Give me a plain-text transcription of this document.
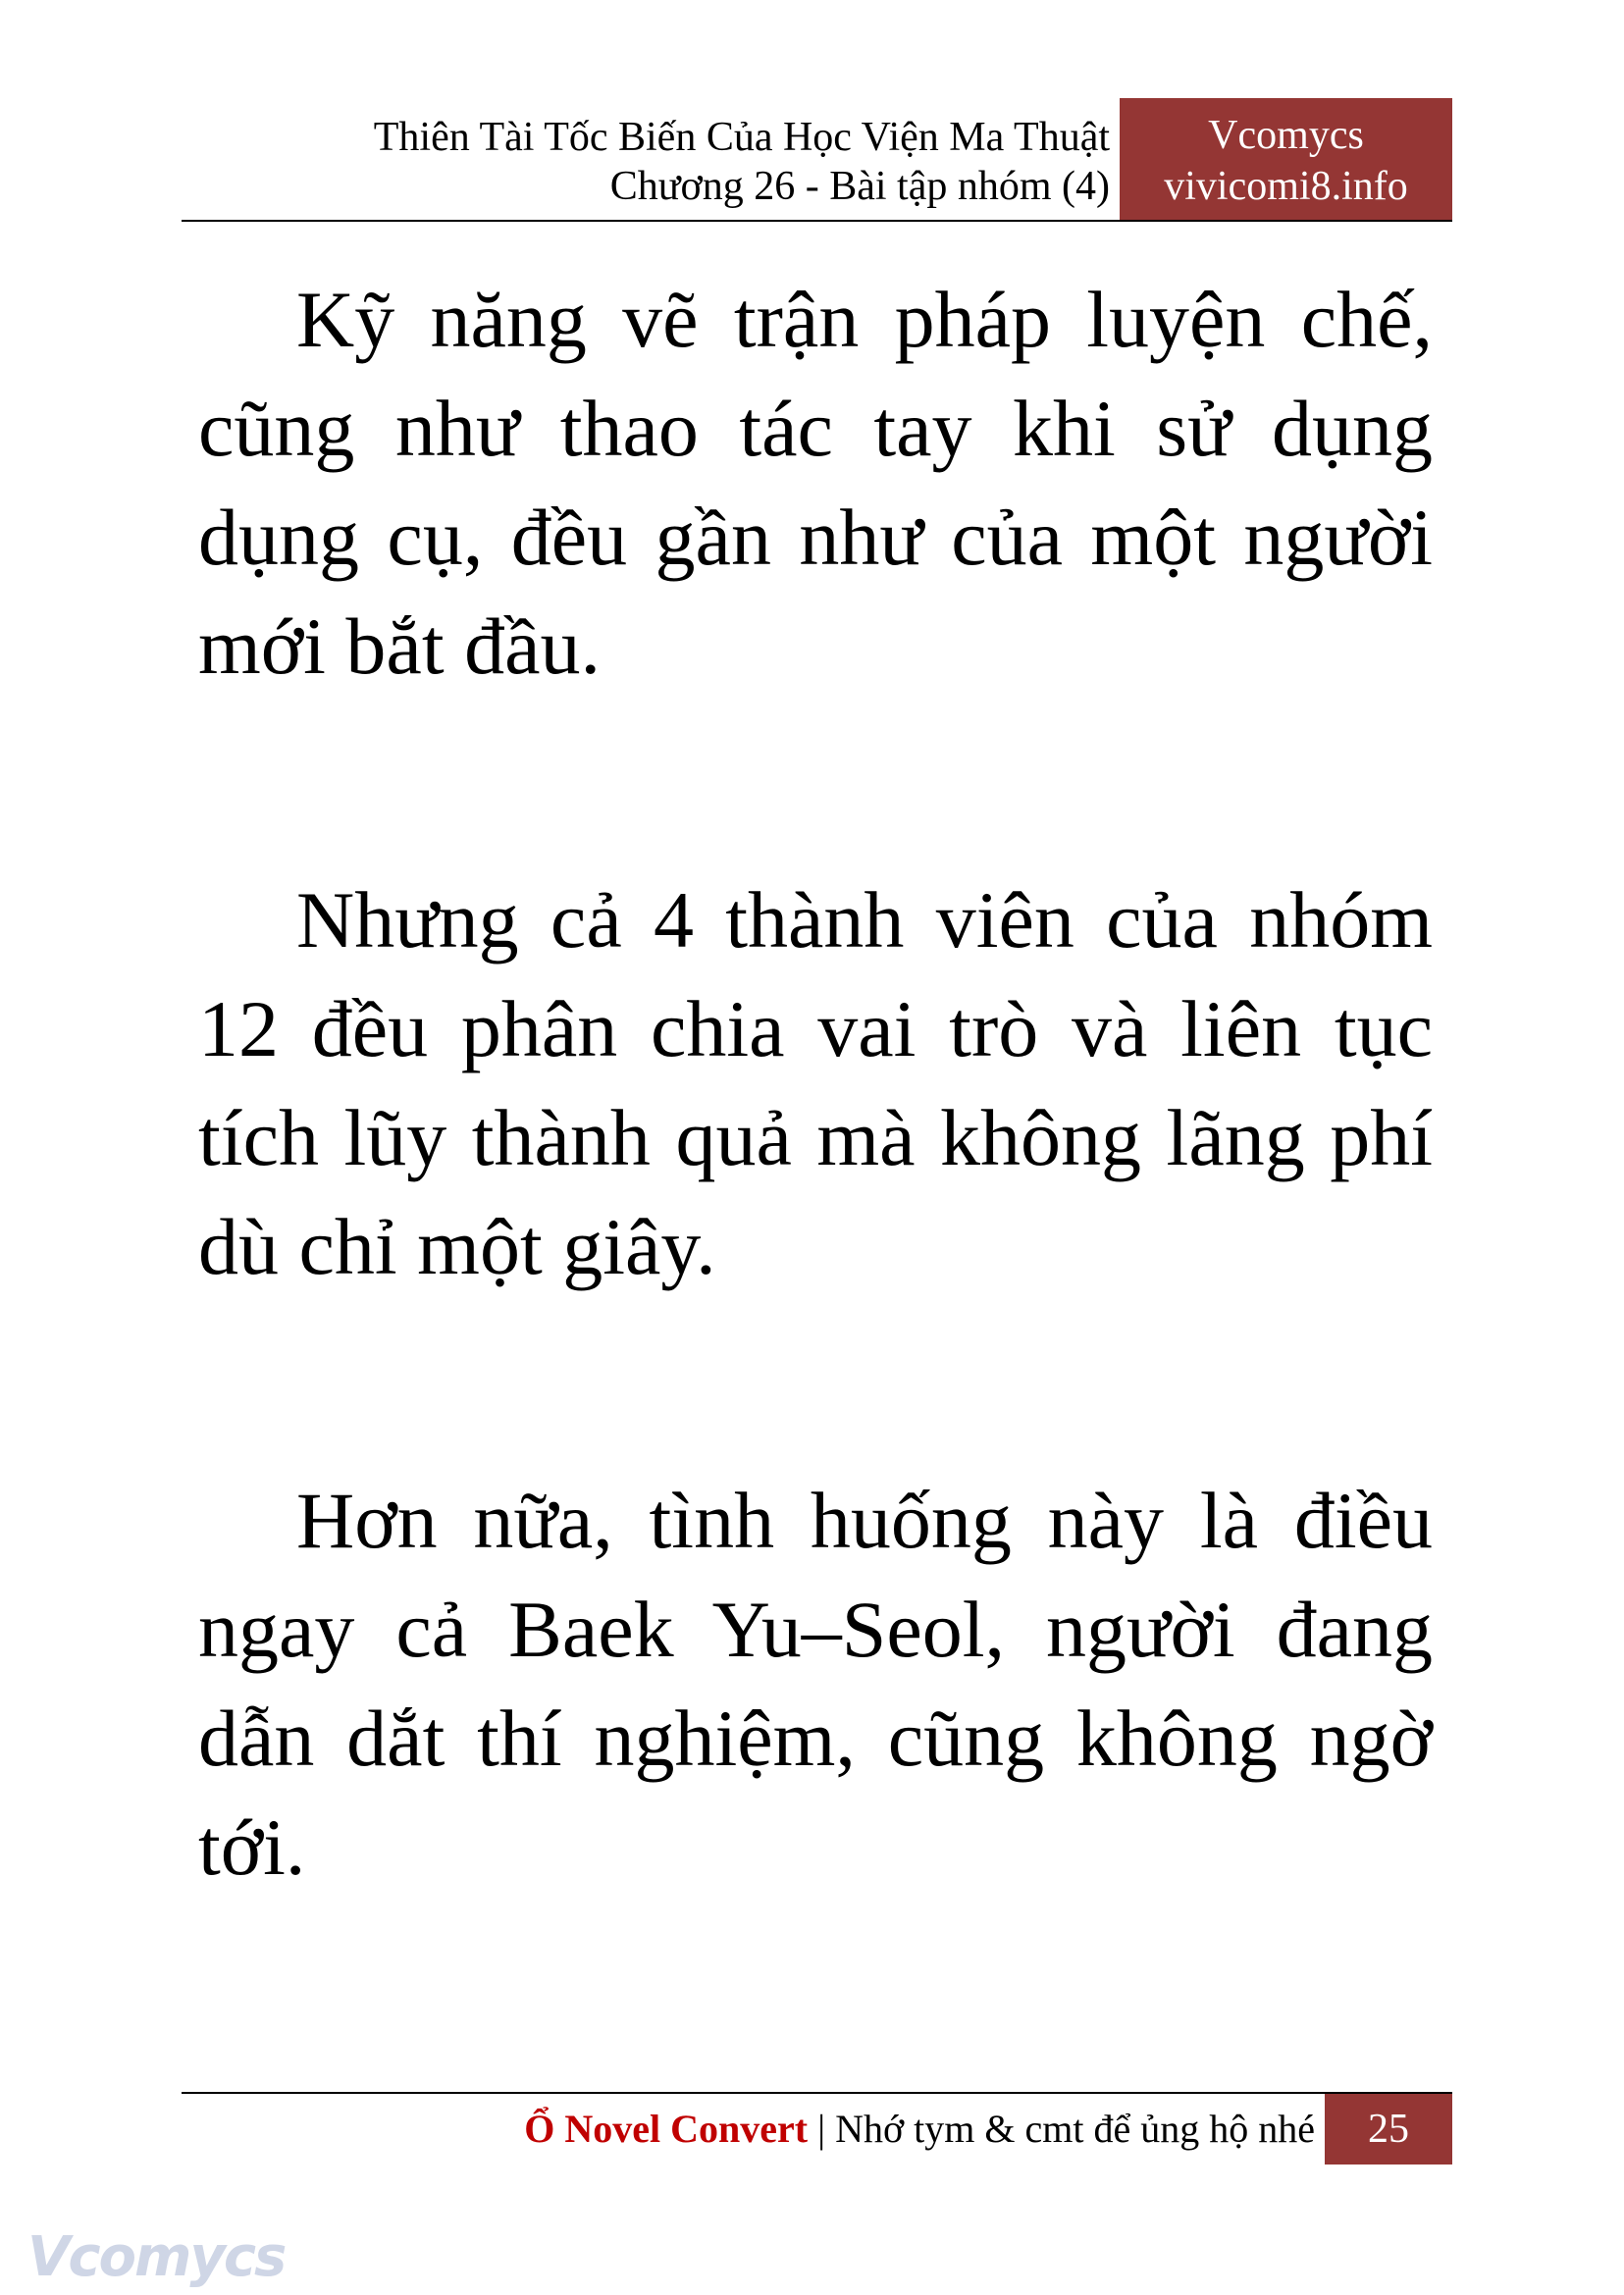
Thiên Tài Tốc Biến Của Học Viện Ma Thuật
Chương 26 - Bài tập nhóm (4)
Vcomycs
vivicomi8.info

Kỹ năng vẽ trận pháp luyện chế, cũng như thao tác tay khi sử dụng dụng cụ, đều gần như của một người mới bắt đầu.

Nhưng cả 4 thành viên của nhóm 12 đều phân chia vai trò và liên tục tích lũy thành quả mà không lãng phí dù chỉ một giây.

Hơn nữa, tình huống này là điều ngay cả Baek Yu–Seol, người đang dẫn dắt thí nghiệm, cũng không ngờ tới.

Ổ Novel Convert | Nhớ tym & cmt để ủng hộ nhé	25
Vcomycs
